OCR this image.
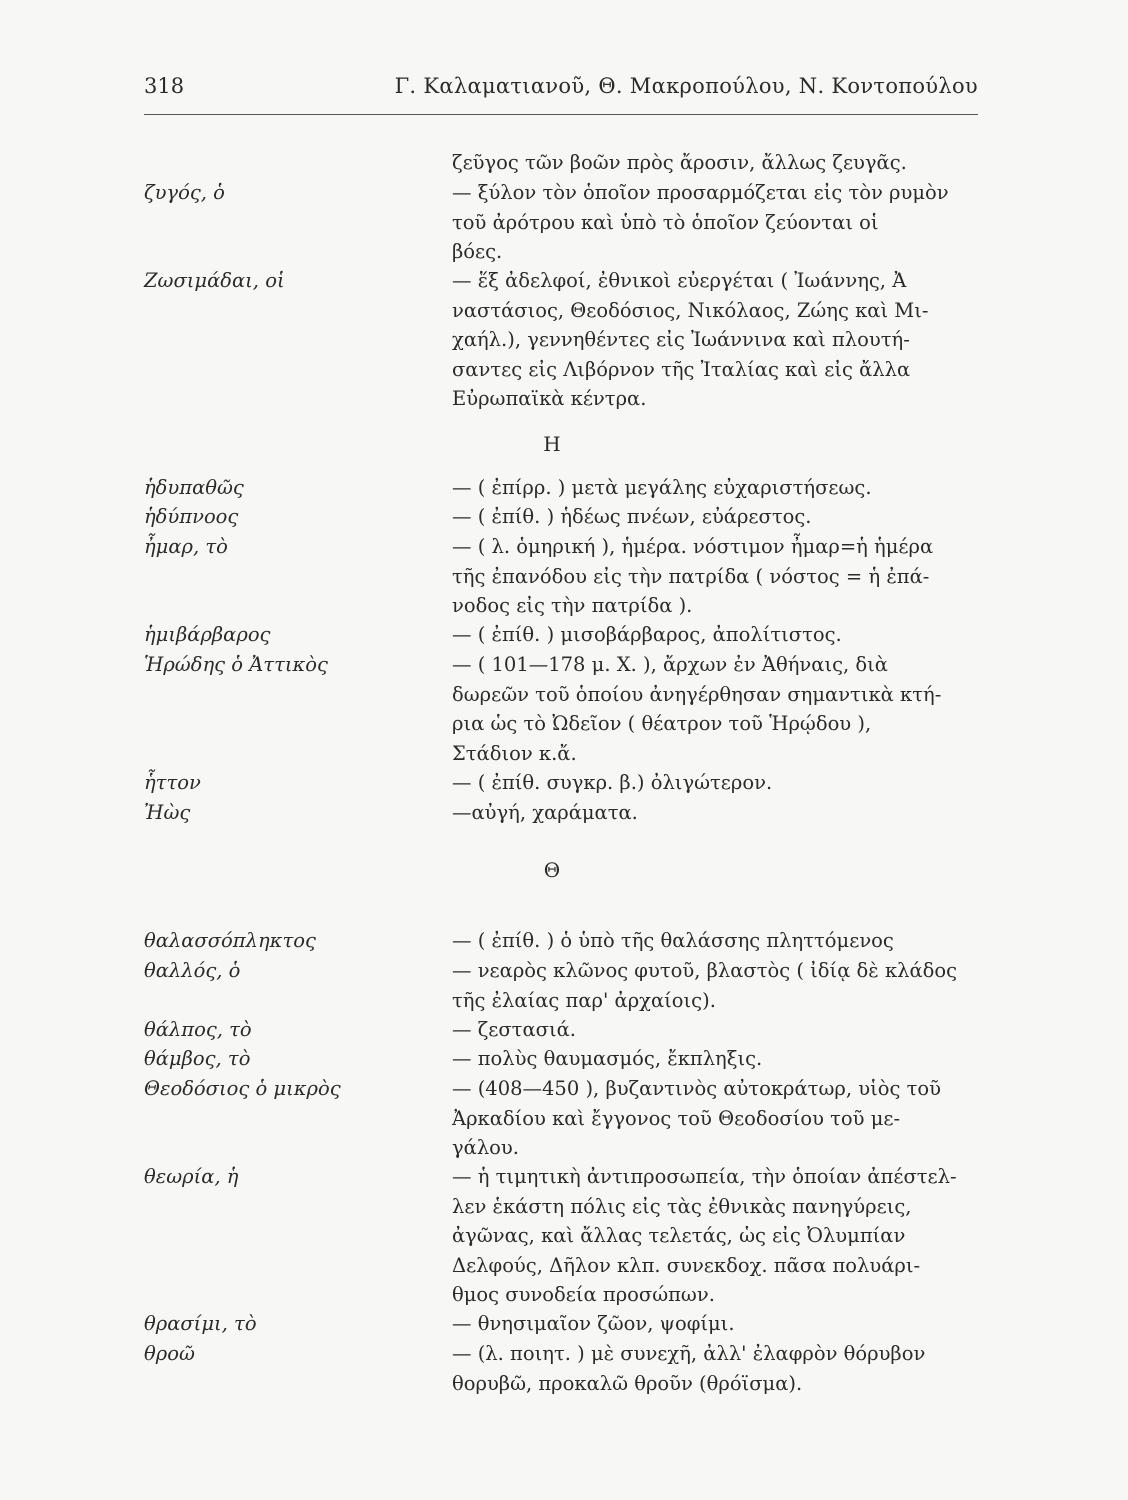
318	Γ. Καλαματιανοῦ, Θ. Μακροπούλου, Ν. Κοντοπούλου
ζεῦγος τῶν βοῶν πρὸς ἄροσιν, ἄλλως ζευγᾶς.
ζυγός, ὁ	— ξύλον τὸν ὁποῖον προσαρμόζεται εἰς τὸν ρυμὸν
τοῦ ἀρότρου καὶ ὑπὸ τὸ ὁποῖον ζεύονται οἱ
βόες.
Ζωσιμάδαι, οἱ	— ἕξ ἀδελφοί, ἐθνικοὶ εὐεργέται ( Ἰωάννης, Ἀ
ναστάσιος, Θεοδόσιος, Νικόλαος, Ζώης καὶ Μι-
χαήλ.), γεννηθέντες εἰς Ἰωάννινα καὶ πλουτή-
σαντες εἰς Λιβόρνον τῆς Ἰταλίας καὶ εἰς ἄλλα
Εὐρωπαϊκὰ κέντρα.
Η
ἡδυπαθῶς	— ( ἐπίρρ. ) μετὰ μεγάλης εὐχαριστήσεως.
ἡδύπνοος	— ( ἐπίθ. ) ἡδέως πνέων, εὐάρεστος.
ἦμαρ, τὸ	— ( λ. ὁμηρική ), ἡμέρα. νόστιμον ἦμαρ=ἡ ἡμέρα
τῆς ἐπανόδου εἰς τὴν πατρίδα ( νόστος = ἡ ἐπά-
νοδος εἰς τὴν πατρίδα ).
ἡμιβάρβαρος	— ( ἐπίθ. ) μισοβάρβαρος, ἀπολίτιστος.
Ἡρώδης ὁ Ἀττικὸς	— ( 101—178 μ. Χ. ), ἄρχων ἐν Ἀθήναις, διὰ
δωρεῶν τοῦ ὁποίου ἀνηγέρθησαν σημαντικὰ κτή-
ρια ὡς τὸ Ὠδεῖον ( θέατρον τοῦ Ἡρῴδου ),
Στάδιον κ.ἄ.
ἧττον	— ( ἐπίθ. συγκρ. β.) ὀλιγώτερον.
Ἠὼς	—αὐγή, χαράματα.
Θ
θαλασσόπληκτος	— ( ἐπίθ. ) ὁ ὑπὸ τῆς θαλάσσης πληττόμενος
θαλλός, ὁ	— νεαρὸς κλῶνος φυτοῦ, βλαστὸς ( ἰδίᾳ δὲ κλάδος
τῆς ἐλαίας παρ' ἀρχαίοις).
θάλπος, τὸ	— ζεστασιά.
θάμβος, τὸ	— πολὺς θαυμασμός, ἔκπληξις.
Θεοδόσιος ὁ μικρὸς	— (408—450 ), βυζαντινὸς αὐτοκράτωρ, υἱὸς τοῦ
Ἀρκαδίου καὶ ἔγγονος τοῦ Θεοδοσίου τοῦ με-
γάλου.
θεωρία, ἡ	— ἡ τιμητικὴ ἀντιπροσωπεία, τὴν ὁποίαν ἀπέστελ-
λεν ἑκάστη πόλις εἰς τὰς ἐθνικὰς πανηγύρεις,
ἀγῶνας, καὶ ἄλλας τελετάς, ὡς εἰς Ὀλυμπίαν
Δελφούς, Δῆλον κλπ. συνεκδοχ. πᾶσα πολυάρι-
θμος συνοδεία προσώπων.
θρασίμι, τὸ	— θνησιμαῖον ζῶον, ψοφίμι.
θροῶ	— (λ. ποιητ. ) μὲ συνεχῆ, ἀλλ' ἐλαφρὸν θόρυβον
θορυβῶ, προκαλῶ θροῦν (θρόϊσμα).
